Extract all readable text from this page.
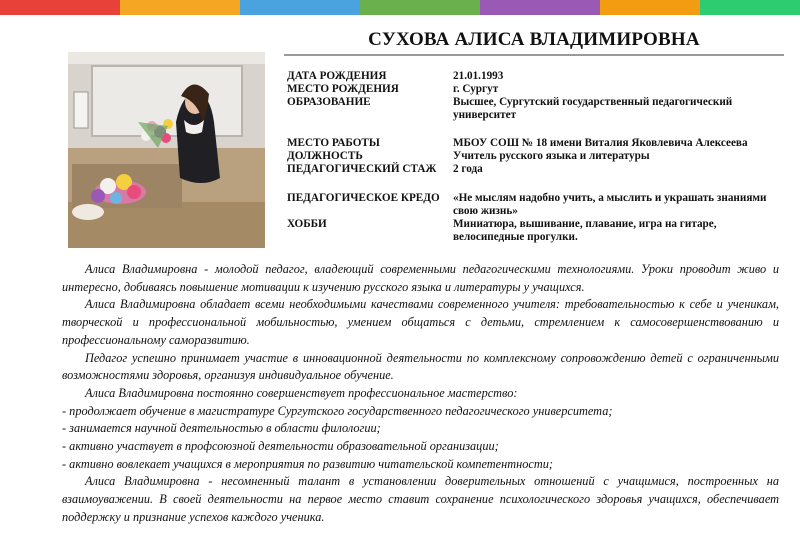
СУХОВА АЛИСА ВЛАДИМИРОВНА
ДАТА РОЖДЕНИЯ	21.01.1993
МЕСТО РОЖДЕНИЯ	г. Сургут
ОБРАЗОВАНИЕ	Высшее, Сургутский государственный педагогический университет
МЕСТО РАБОТЫ	МБОУ СОШ № 18 имени Виталия Яковлевича Алексеева
ДОЛЖНОСТЬ	Учитель русского языка и литературы
ПЕДАГОГИЧЕСКИЙ СТАЖ	2 года
ПЕДАГОГИЧЕСКОЕ КРЕДО	«Не мыслям надобно учить, а мыслить и украшать знаниями свою жизнь»
ХОББИ	Миниатюра, вышивание, плавание, игра на гитаре, велосипедные прогулки.

Алиса Владимировна - молодой педагог, владеющий современными педагогическими технологиями. Уроки проводит живо и интересно, добиваясь повышение мотивации к изучению русского языка и литературы у учащихся.

Алиса Владимировна обладает всеми необходимыми качествами современного учителя: требовательностью к себе и ученикам, творческой и профессиональной мобильностью, умением общаться с детьми, стремлением к самосовершенствованию и профессиональному саморазвитию.

Педагог успешно принимает участие в инновационной деятельности по комплексному сопровождению детей с ограниченными возможностями здоровья, организуя индивидуальное обучение.

Алиса Владимировна постоянно совершенствует профессиональное мастерство:

- продолжает обучение в магистратуре Сургутского государственного педагогического университета;

- занимается научной деятельностью в области филологии;

- активно участвует в профсоюзной деятельности образовательной организации;

- активно вовлекает учащихся в мероприятия по развитию читательской компетентности;

Алиса Владимировна - несомненный талант в установлении доверительных отношений с учащимися, построенных на взаимоуважении. В своей деятельности на первое место ставит сохранение психологического здоровья учащихся, обеспечивает поддержку и признание успехов каждого ученика.
